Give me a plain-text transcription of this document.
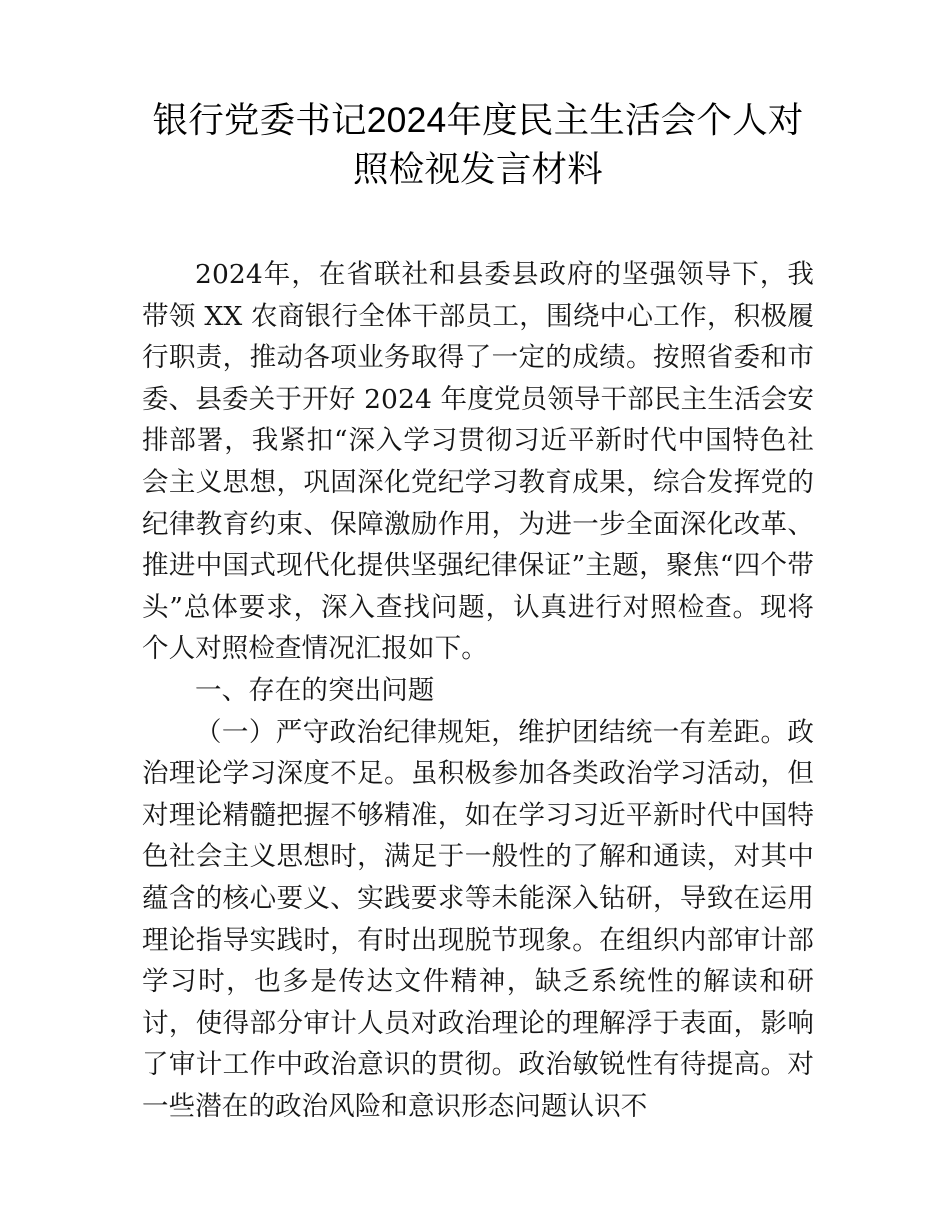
银行党委书记2024年度民主生活会个人对照检视发言材料

2024年，在省联社和县委县政府的坚强领导下，我带领 XX 农商银行全体干部员工，围绕中心工作，积极履行职责，推动各项业务取得了一定的成绩。按照省委和市委、县委关于开好 2024 年度党员领导干部民主生活会安排部署，我紧扣“深入学习贯彻习近平新时代中国特色社会主义思想，巩固深化党纪学习教育成果，综合发挥党的纪律教育约束、保障激励作用，为进一步全面深化改革、推进中国式现代化提供坚强纪律保证”主题，聚焦“四个带头”总体要求，深入查找问题，认真进行对照检查。现将个人对照检查情况汇报如下。

一、存在的突出问题

（一）严守政治纪律规矩，维护团结统一有差距。政治理论学习深度不足。虽积极参加各类政治学习活动，但对理论精髓把握不够精准，如在学习习近平新时代中国特色社会主义思想时，满足于一般性的了解和通读，对其中蕴含的核心要义、实践要求等未能深入钻研，导致在运用理论指导实践时，有时出现脱节现象。在组织内部审计部学习时，也多是传达文件精神，缺乏系统性的解读和研讨，使得部分审计人员对政治理论的理解浮于表面，影响了审计工作中政治意识的贯彻。政治敏锐性有待提高。对一些潜在的政治风险和意识形态问题认识不
